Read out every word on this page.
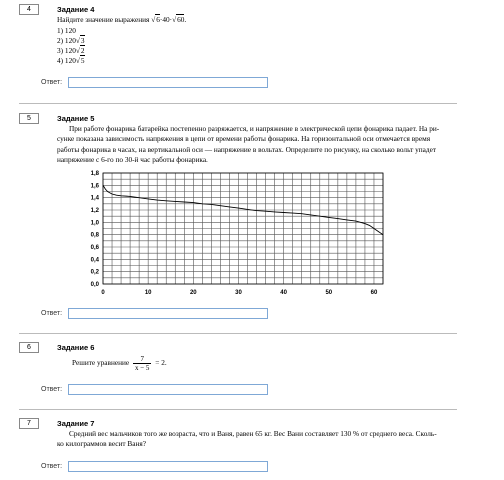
4	Задание 4
Найдите значение выражения √6·40·√60.
1) 120
2) 120√3
3) 120√2
4) 120√5
Ответ:
5	Задание 5
При работе фонарика батарейка постепенно разряжается, и напряжение в электрической цепи фонарика падает. На ри-
сунке показана зависимость напряжения в цепи от времени работы фонарика. На горизонтальной оси отмечается время
работы фонарика в часах, на вертикальной оси — напряжение в вольтах. Определите по рисунку, на сколько вольт упадет
напряжение с 6-го по 30-й час работы фонарика.
0,0
0,2
0,4
0,6
0,8
1,0
1,2
1,4
1,6
1,8
0	10	20	30	40	50	60
Ответ:
6	Задание 6
Решите уравнение $\frac{7}{x - 5} = 2$.
Ответ:
7	Задание 7
Средний вес мальчиков того же возраста, что и Ваня, равен 65 кг. Вес Вани составляет 130 % от среднего веса. Сколь-
ко килограммов весит Ваня?
Ответ:
